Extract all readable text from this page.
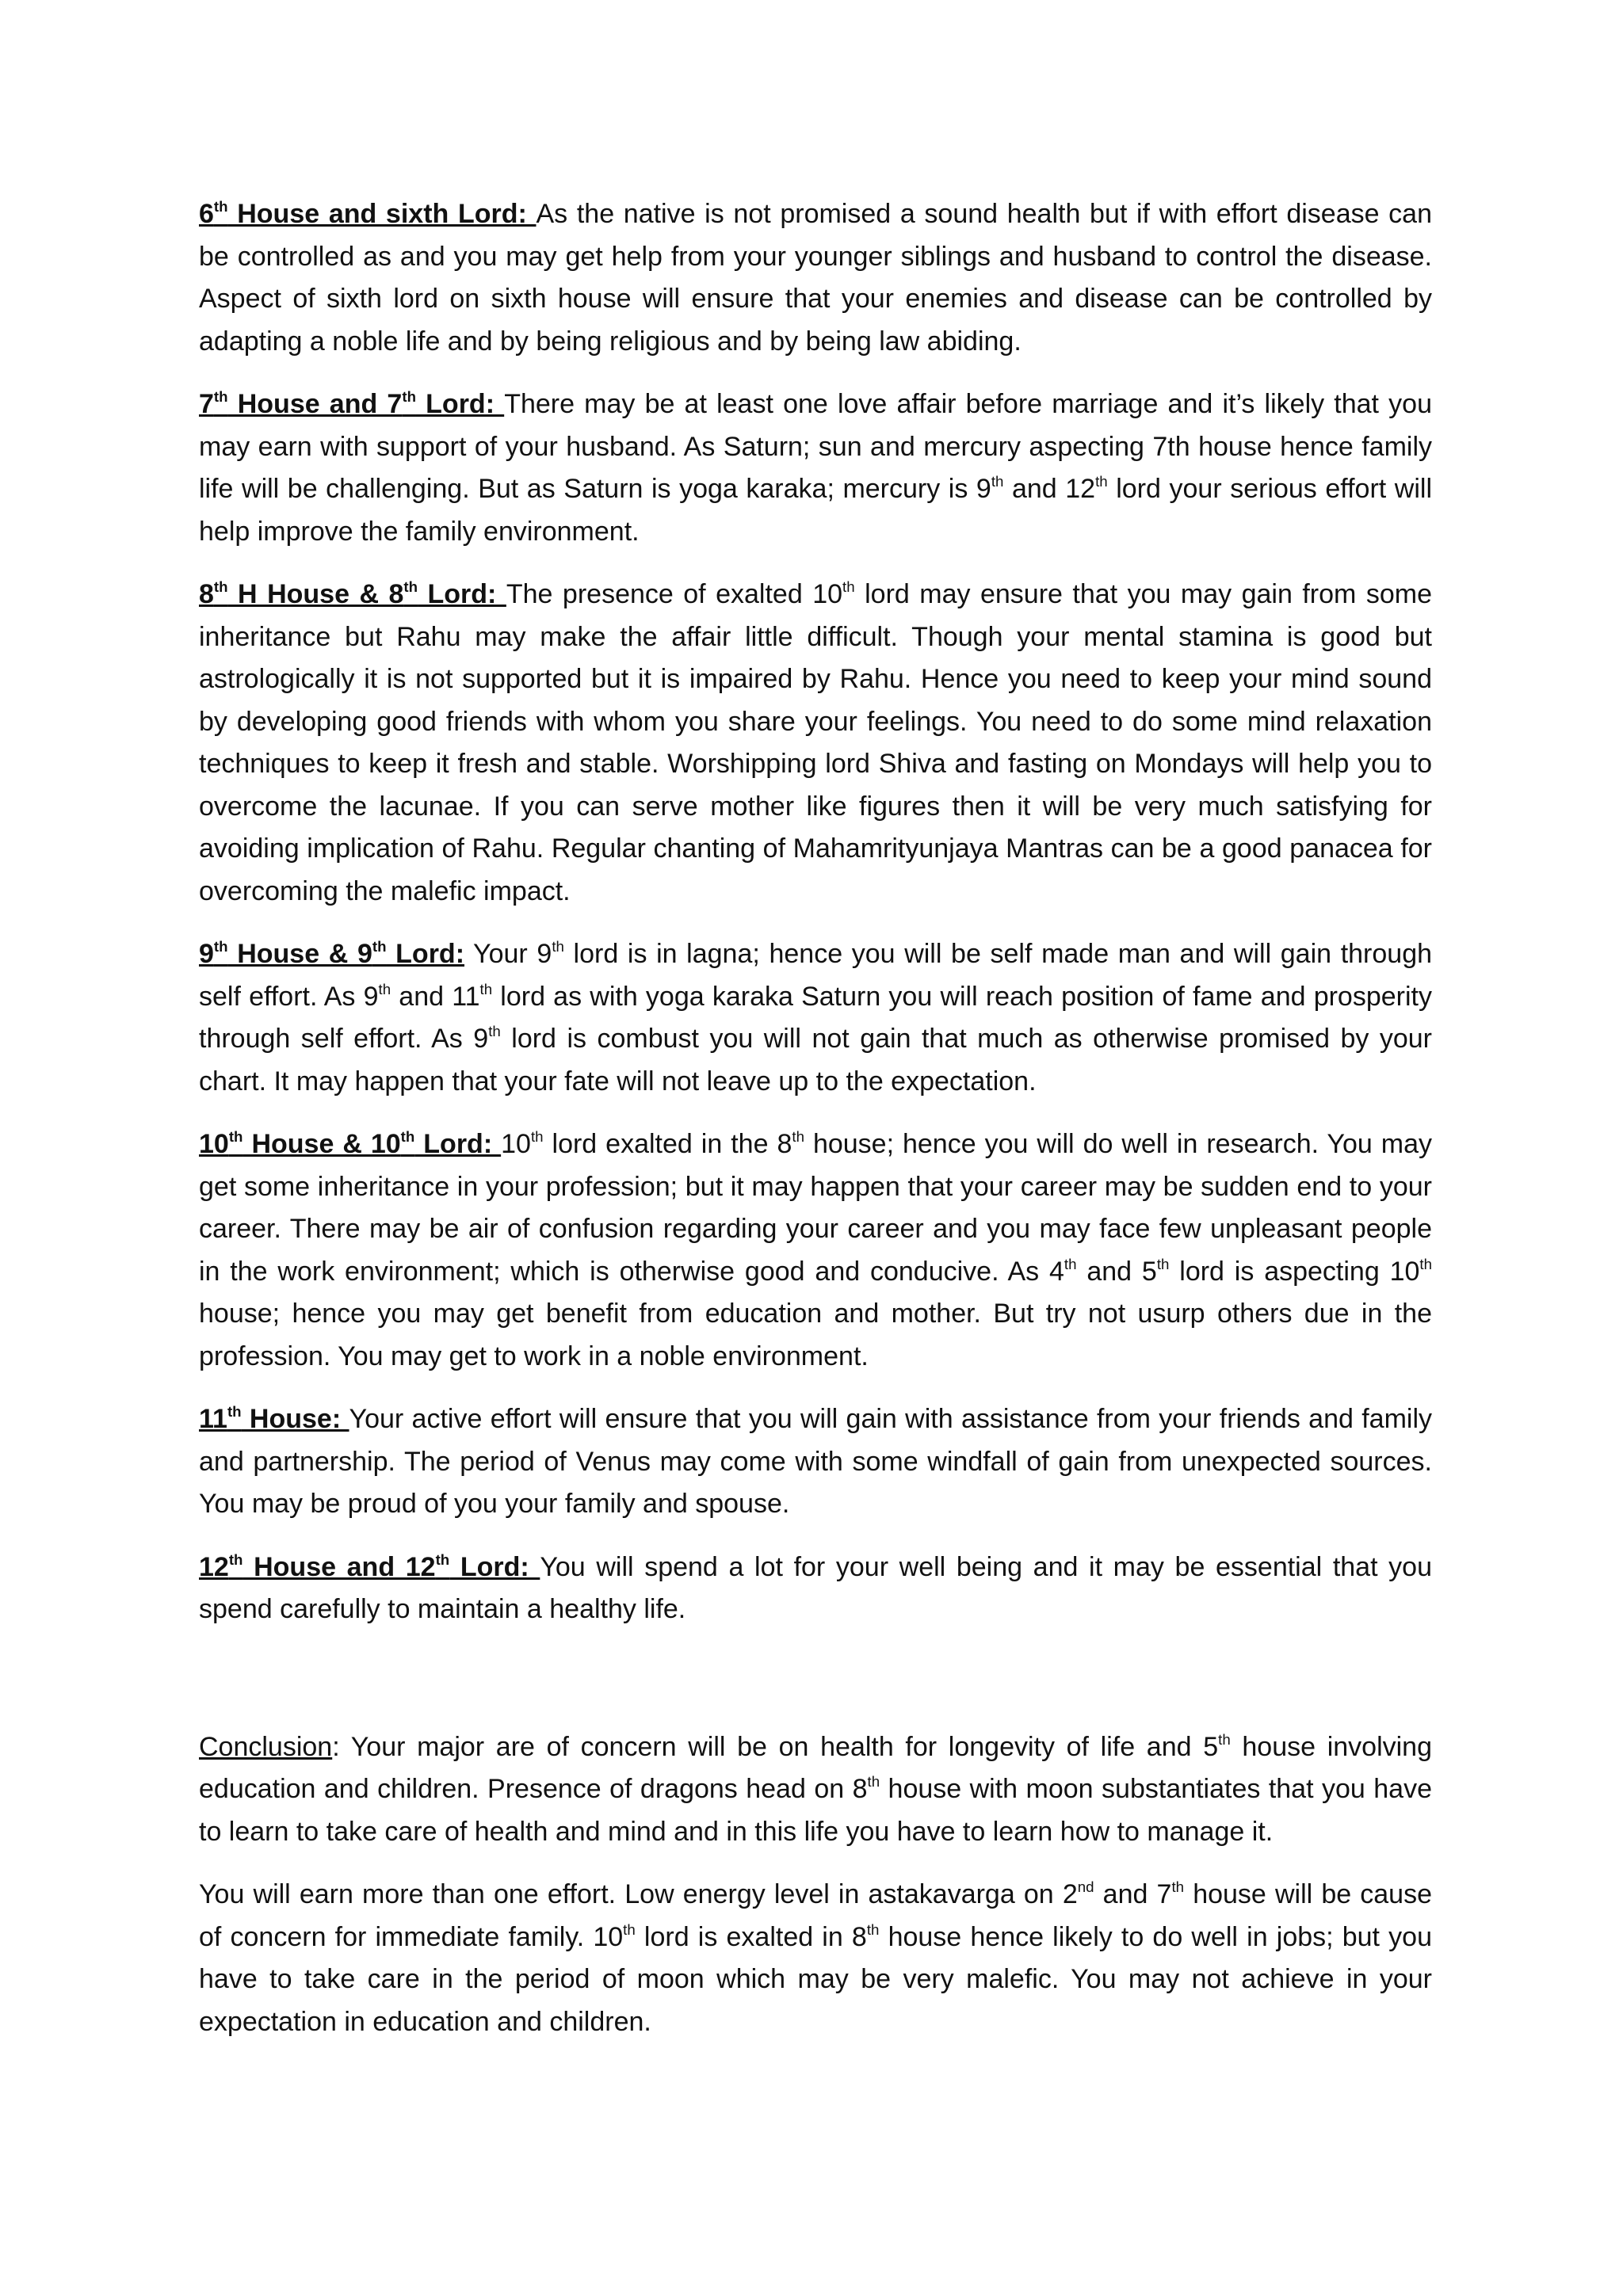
6th House and sixth Lord: As the native is not promised a sound health but if with effort disease can be controlled as and you may get help from your younger siblings and husband to control the disease. Aspect of sixth lord on sixth house will ensure that your enemies and disease can be controlled by adapting a noble life and by being religious and by being law abiding.

7th House and 7th Lord: There may be at least one love affair before marriage and it’s likely that you may earn with support of your husband. As Saturn; sun and mercury aspecting 7th house hence family life will be challenging. But as Saturn is yoga karaka; mercury is 9th and 12th lord your serious effort will help improve the family environment.

8th H House & 8th Lord: The presence of exalted 10th lord may ensure that you may gain from some inheritance but Rahu may make the affair little difficult. Though your mental stamina is good but astrologically it is not supported but it is impaired by Rahu. Hence you need to keep your mind sound by developing good friends with whom you share your feelings. You need to do some mind relaxation techniques to keep it fresh and stable. Worshipping lord Shiva and fasting on Mondays will help you to overcome the lacunae. If you can serve mother like figures then it will be very much satisfying for avoiding implication of Rahu. Regular chanting of Mahamrityunjaya Mantras can be a good panacea for overcoming the malefic impact.

9th House & 9th Lord: Your 9th lord is in lagna; hence you will be self made man and will gain through self effort. As 9th and 11th lord as with yoga karaka Saturn you will reach position of fame and prosperity through self effort. As 9th lord is combust you will not gain that much as otherwise promised by your chart. It may happen that your fate will not leave up to the expectation.

10th House & 10th Lord: 10th lord exalted in the 8th house; hence you will do well in research. You may get some inheritance in your profession; but it may happen that your career may be sudden end to your career. There may be air of confusion regarding your career and you may face few unpleasant people in the work environment; which is otherwise good and conducive. As 4th and 5th lord is aspecting 10th house; hence you may get benefit from education and mother. But try not usurp others due in the profession. You may get to work in a noble environment.

11th House: Your active effort will ensure that you will gain with assistance from your friends and family and partnership. The period of Venus may come with some windfall of gain from unexpected sources. You may be proud of you your family and spouse.

12th House and 12th Lord: You will spend a lot for your well being and it may be essential that you spend carefully to maintain a healthy life.

Conclusion: Your major are of concern will be on health for longevity of life and 5th house involving education and children. Presence of dragons head on 8th house with moon substantiates that you have to learn to take care of health and mind and in this life you have to learn how to manage it.

You will earn more than one effort. Low energy level in astakavarga on 2nd and 7th house will be cause of concern for immediate family. 10th lord is exalted in 8th house hence likely to do well in jobs; but you have to take care in the period of moon which may be very malefic. You may not achieve in your expectation in education and children.
